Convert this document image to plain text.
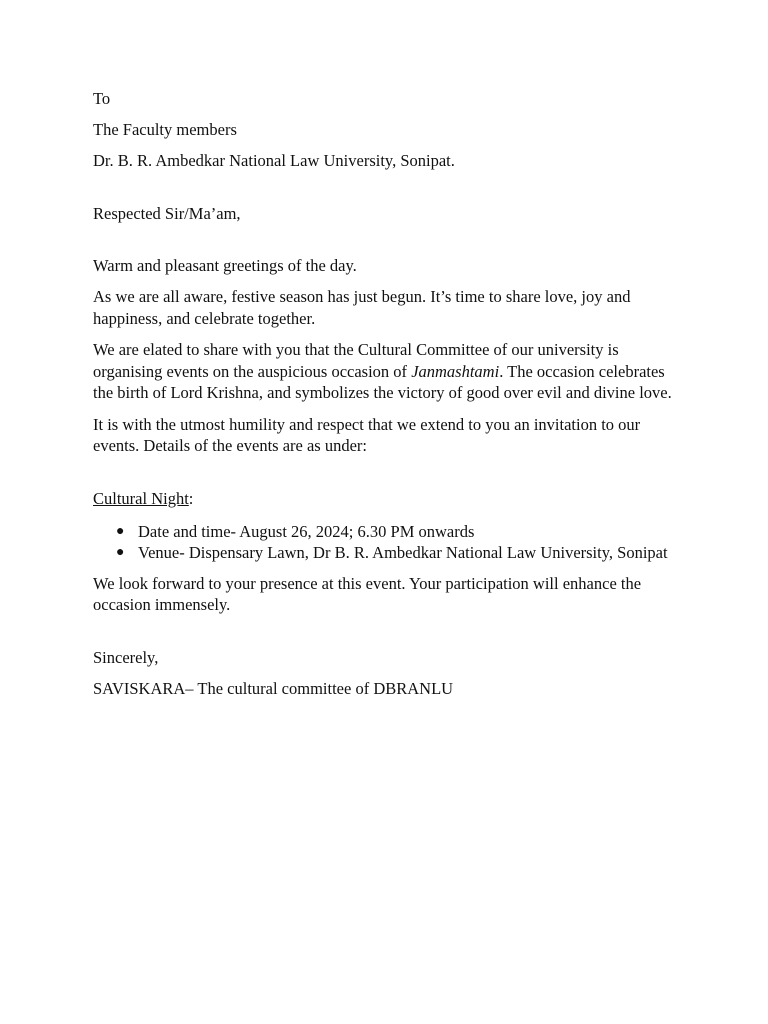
To
The Faculty members
Dr. B. R. Ambedkar National Law University, Sonipat.
Respected Sir/Ma’am,
Warm and pleasant greetings of the day.
As we are all aware, festive season has just begun. It’s time to share love, joy and happiness, and celebrate together.
We are elated to share with you that the Cultural Committee of our university is organising events on the auspicious occasion of Janmashtami. The occasion celebrates the birth of Lord Krishna, and symbolizes the victory of good over evil and divine love.
It is with the utmost humility and respect that we extend to you an invitation to our events. Details of the events are as under:
Cultural Night:
● Date and time- August 26, 2024; 6.30 PM onwards
● Venue- Dispensary Lawn, Dr B. R. Ambedkar National Law University, Sonipat
We look forward to your presence at this event. Your participation will enhance the occasion immensely.
Sincerely,
SAVISKARA– The cultural committee of DBRANLU
